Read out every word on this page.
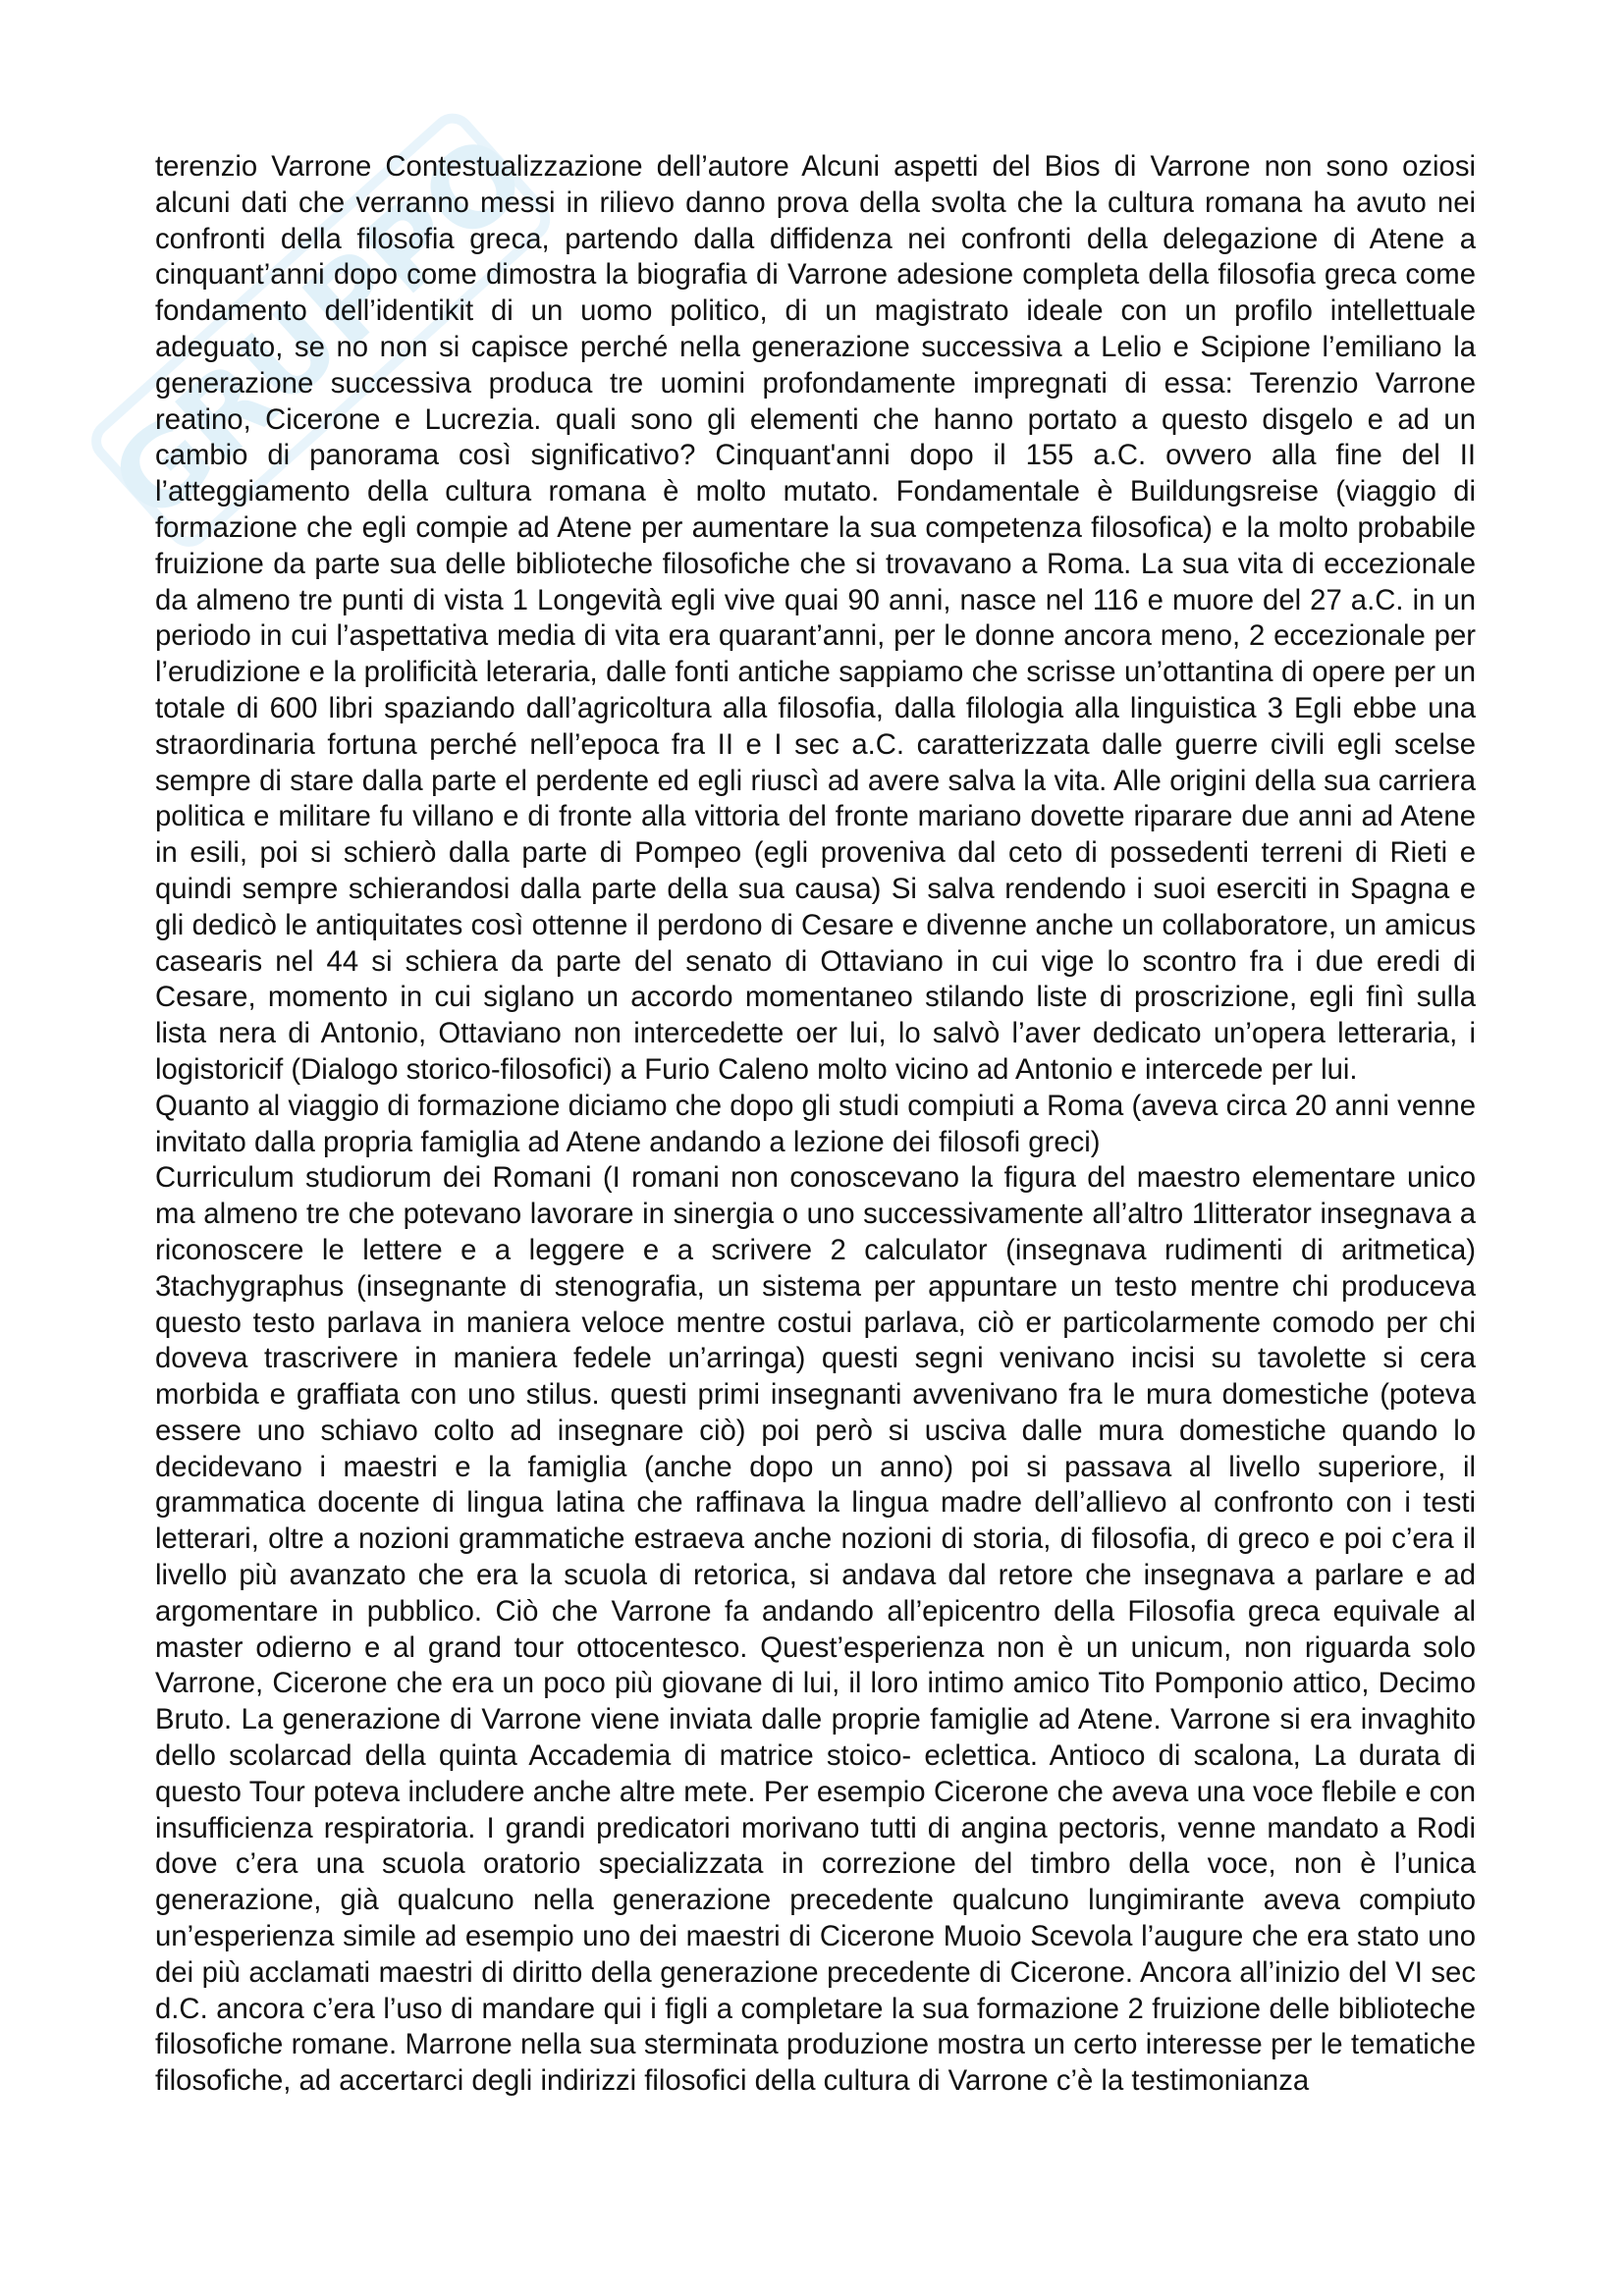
GRUPPO

terenzio Varrone Contestualizzazione dell’autore Alcuni aspetti del Bios di Varrone non sono oziosi alcuni dati che verranno messi in rilievo danno prova della svolta che la cultura romana ha avuto nei confronti della filosofia greca, partendo dalla diffidenza nei confronti della delegazione di Atene a cinquant’anni dopo come dimostra la biografia di Varrone adesione completa della filosofia greca come fondamento dell’identikit di un uomo politico, di un magistrato ideale con un profilo intellettuale adeguato, se no non si capisce perché nella generazione successiva a Lelio e Scipione l’emiliano la generazione successiva produca tre uomini profondamente impregnati di essa: Terenzio Varrone reatino, Cicerone e Lucrezia. quali sono gli elementi che hanno portato a questo disgelo e ad un cambio di panorama così significativo? Cinquant'anni dopo il 155 a.C. ovvero alla fine del II l’atteggiamento della cultura romana è molto mutato. Fondamentale è Buildungsreise (viaggio di formazione che egli compie ad Atene per aumentare la sua competenza filosofica) e la molto probabile fruizione da parte sua delle biblioteche filosofiche che si trovavano a Roma. La sua vita di eccezionale da almeno tre punti di vista 1 Longevità egli vive quai 90 anni, nasce nel 116 e muore del 27 a.C. in un periodo in cui l’aspettativa media di vita era quarant’anni, per le donne ancora meno, 2 eccezionale per l’erudizione e la prolificità leteraria, dalle fonti antiche sappiamo che scrisse un’ottantina di opere per un totale di 600 libri spaziando dall’agricoltura alla filosofia, dalla filologia alla linguistica 3 Egli ebbe una straordinaria fortuna perché nell’epoca fra II e I sec a.C. caratterizzata dalle guerre civili egli scelse sempre di stare dalla parte el perdente ed egli riuscì ad avere salva la vita. Alle origini della sua carriera politica e militare fu villano e di fronte alla vittoria del fronte mariano dovette riparare due anni ad Atene in esili, poi si schierò dalla parte di Pompeo (egli proveniva dal ceto di possedenti terreni di Rieti e quindi sempre schierandosi dalla parte della sua causa) Si salva rendendo i suoi eserciti in Spagna e gli dedicò le antiquitates così ottenne il perdono di Cesare e divenne anche un collaboratore, un amicus casearis nel 44 si schiera da parte del senato di Ottaviano in cui vige lo scontro fra i due eredi di Cesare, momento in cui siglano un accordo momentaneo stilando liste di proscrizione, egli finì sulla lista nera di Antonio, Ottaviano non intercedette oer lui, lo salvò l’aver dedicato un’opera letteraria, i logistoricif (Dialogo storico-filosofici) a Furio Caleno molto vicino ad Antonio e intercede per lui.

Quanto al viaggio di formazione diciamo che dopo gli studi compiuti a Roma (aveva circa 20 anni venne invitato dalla propria famiglia ad Atene andando a lezione dei filosofi greci)

Curriculum studiorum dei Romani (I romani non conoscevano la figura del maestro elementare unico ma almeno tre che potevano lavorare in sinergia o uno successivamente all’altro 1litterator insegnava a riconoscere le lettere e a leggere e a scrivere 2 calculator (insegnava rudimenti di aritmetica) 3tachygraphus (insegnante di stenografia, un sistema per appuntare un testo mentre chi produceva questo testo parlava in maniera veloce mentre costui parlava, ciò er particolarmente comodo per chi doveva trascrivere in maniera fedele un’arringa) questi segni venivano incisi su tavolette si cera morbida e graffiata con uno stilus. questi primi insegnanti avvenivano fra le mura domestiche (poteva essere uno schiavo colto ad insegnare ciò) poi però si usciva dalle mura domestiche quando lo decidevano i maestri e la famiglia (anche dopo un anno) poi si passava al livello superiore, il grammatica docente di lingua latina che raffinava la lingua madre dell’allievo al confronto con i testi letterari, oltre a nozioni grammatiche estraeva anche nozioni di storia, di filosofia, di greco e poi c’era il livello più avanzato che era la scuola di retorica, si andava dal retore che insegnava a parlare e ad argomentare in pubblico. Ciò che Varrone fa andando all’epicentro della Filosofia greca equivale al master odierno e al grand tour ottocentesco. Quest’esperienza non è un unicum, non riguarda solo Varrone, Cicerone che era un poco più giovane di lui, il loro intimo amico Tito Pomponio attico, Decimo Bruto. La generazione di Varrone viene inviata dalle proprie famiglie ad Atene. Varrone si era invaghito dello scolarcad della quinta Accademia di matrice stoico- eclettica. Antioco di scalona, La durata di questo Tour poteva includere anche altre mete. Per esempio Cicerone che aveva una voce flebile e con insufficienza respiratoria. I grandi predicatori morivano tutti di angina pectoris, venne mandato a Rodi dove c’era una scuola oratorio specializzata in correzione del timbro della voce, non è l’unica generazione, già qualcuno nella generazione precedente qualcuno lungimirante aveva compiuto un’esperienza simile ad esempio uno dei maestri di Cicerone Muoio Scevola l’augure che era stato uno dei più acclamati maestri di diritto della generazione precedente di Cicerone. Ancora all’inizio del VI sec d.C. ancora c’era l’uso di mandare qui i figli a completare la sua formazione 2 fruizione delle biblioteche filosofiche romane. Marrone nella sua sterminata produzione mostra un certo interesse per le tematiche filosofiche, ad accertarci degli indirizzi filosofici della cultura di Varrone c’è la testimonianza
